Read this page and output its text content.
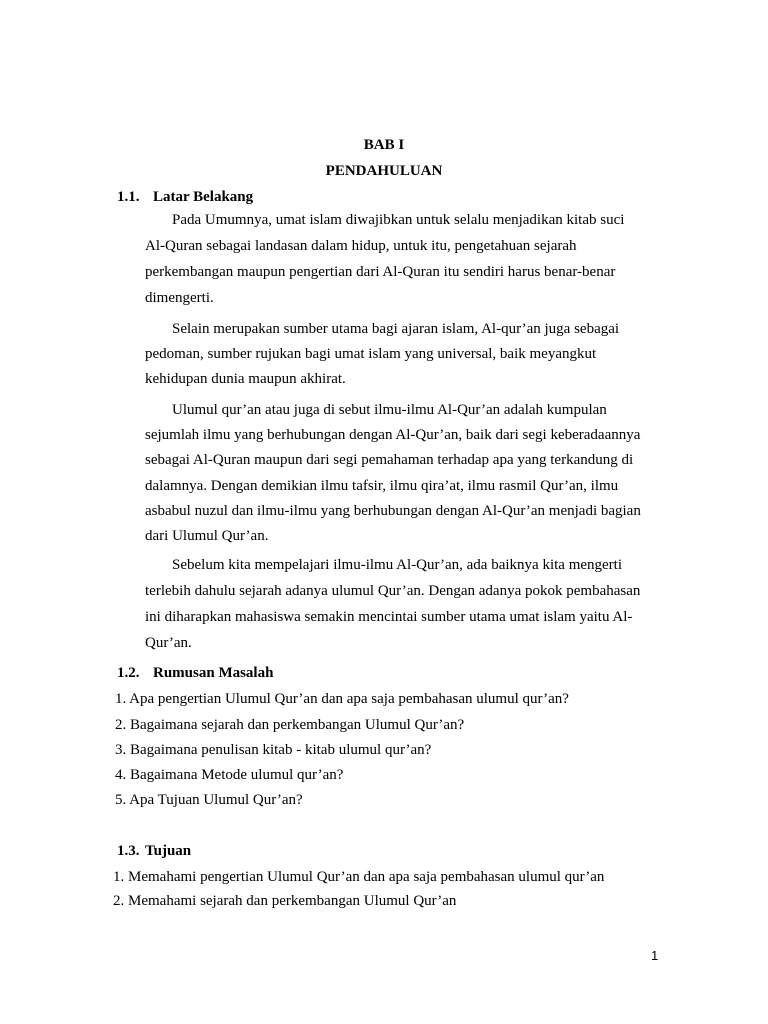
BAB I
PENDAHULUAN
1.1. Latar Belakang
Pada Umumnya, umat islam diwajibkan untuk selalu menjadikan kitab suci
Al-Quran sebagai landasan dalam hidup, untuk itu, pengetahuan sejarah
perkembangan maupun pengertian dari Al-Quran itu sendiri harus benar-benar
dimengerti.
Selain merupakan sumber utama bagi ajaran islam, Al-qur’an juga sebagai
pedoman, sumber rujukan bagi umat islam yang universal, baik meyangkut
kehidupan dunia maupun akhirat.
Ulumul qur’an atau juga di sebut ilmu-ilmu Al-Qur’an adalah kumpulan
sejumlah ilmu yang berhubungan dengan Al-Qur’an, baik dari segi keberadaannya
sebagai Al-Quran maupun dari segi pemahaman terhadap apa yang terkandung di
dalamnya. Dengan demikian ilmu tafsir, ilmu qira’at, ilmu rasmil Qur’an, ilmu
asbabul nuzul dan ilmu-ilmu yang berhubungan dengan Al-Qur’an menjadi bagian
dari Ulumul Qur’an.
Sebelum kita mempelajari ilmu-ilmu Al-Qur’an, ada baiknya kita mengerti
terlebih dahulu sejarah adanya ulumul Qur’an. Dengan adanya pokok pembahasan
ini diharapkan mahasiswa semakin mencintai sumber utama umat islam yaitu Al-
Qur’an.
1.2. Rumusan Masalah
1. Apa pengertian Ulumul Qur’an dan apa saja pembahasan ulumul qur’an?
2. Bagaimana sejarah dan perkembangan Ulumul Qur’an?
3. Bagaimana penulisan kitab - kitab ulumul qur’an?
4. Bagaimana Metode ulumul qur’an?
5. Apa Tujuan Ulumul Qur’an?
1.3. Tujuan
1. Memahami pengertian Ulumul Qur’an dan apa saja pembahasan ulumul qur’an
2. Memahami sejarah dan perkembangan Ulumul Qur’an
1
